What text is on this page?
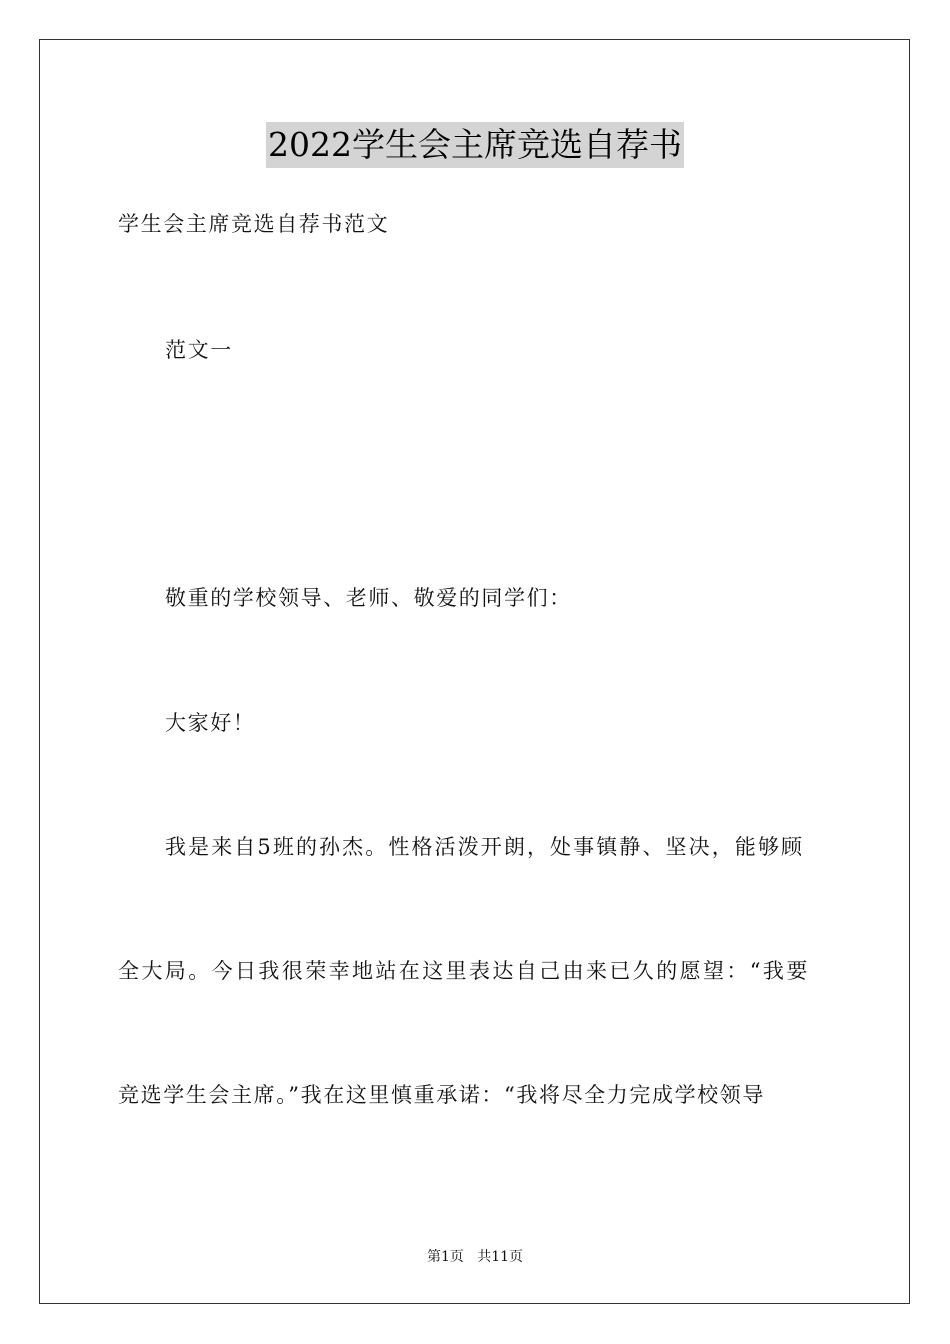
2022学生会主席竞选自荐书
学生会主席竞选自荐书范文
范文一
敬重的学校领导、老师、敬爱的同学们：
大家好！
我是来自5班的孙杰。性格活泼开朗，处事镇静、坚决，能够顾
全大局。今日我很荣幸地站在这里表达自己由来已久的愿望：“我要
竞选学生会主席。”我在这里慎重承诺：“我将尽全力完成学校领导
第1页   共11页
